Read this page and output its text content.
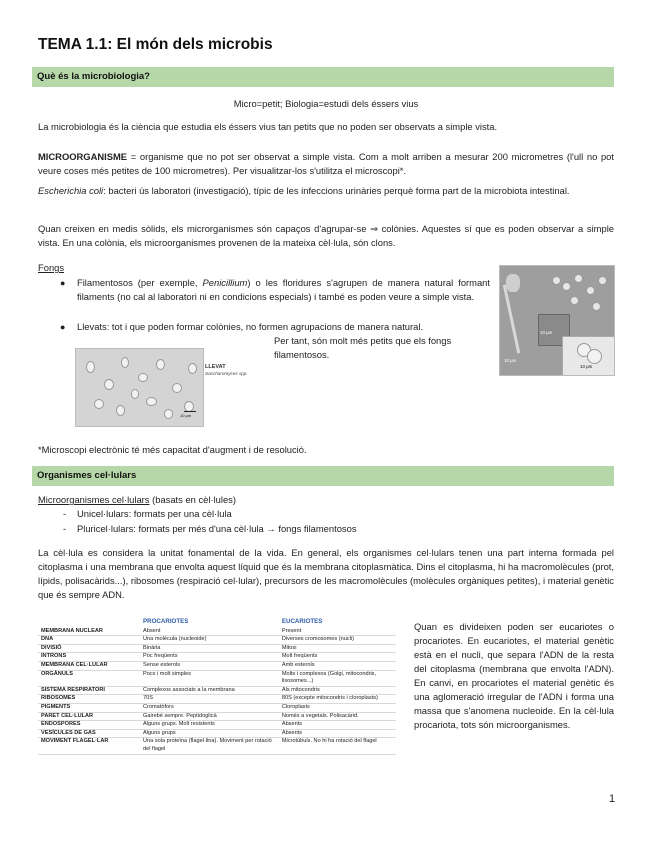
TEMA 1.1: El món dels microbis
Què és la microbiologia?
Micro=petit; Biologia=estudi dels éssers vius
La microbiologia és la ciència que estudia els éssers vius tan petits que no poden ser observats a simple vista.
MICROORGANISME = organisme que no pot ser observat a simple vista. Com a molt arriben a mesurar 200 micrometres (l'ull no pot veure coses més petites de 100 micrometres). Per visualitzar-los s'utilitza el microscopi*.
Escherichia coli: bacteri ús laboratori (investigació), típic de les infeccions urinàries perquè forma part de la microbiota intestinal.
Quan creixen en medis sòlids, els microrganismes són capaços d'agrupar-se ⇒ colònies. Aquestes sí que es poden observar a simple vista. En una colònia, els microorganismes provenen de la mateixa cèl·lula, són clons.
Fongs
● Filamentosos (per exemple, Penicillium) o les floridures s'agrupen de manera natural formant filaments (no cal al laboratori ni en condicions especials) i també es poden veure a simple vista.
● Llevats: tot i que poden formar colònies, no formen agrupacions de manera natural.
Per tant, són molt més petits que els fongs filamentosos.
10 µm
LLEVAT
Saccharomyces spp.
10 µm
10 µm
10 µm
*Microscopi electrònic té més capacitat d'augment i de resolució.
Organismes cel·lulars
Microorganismes cel·lulars (basats en cèl·lules)
- Unicel·lulars: formats per una cèl·lula
- Pluricel·lulars: formats per més d'una cèl·lula → fongs filamentosos
La cèl·lula es considera la unitat fonamental de la vida. En general, els organismes cel·lulars tenen una part interna formada pel citoplasma i una membrana que envolta aquest líquid que és la membrana citoplasmàtica. Dins el citoplasma, hi ha macromolècules (prot, lípids, polisacàrids...), ribosomes (respiració cel·lular), precursors de les macromolècules (molècules orgàniques petites), i material genètic que és sempre ADN.
	PROCARIOTES	EUCARIOTES
MEMBRANA NUCLEAR	Absent	Present
DNA	Una molècula (nucleoide)	Diverses cromosomes (nucli)
DIVISIÓ	Binària	Mitosi
INTRONS	Poc freqüents	Molt freqüents
MEMBRANA CEL·LULAR	Sense esterols	Amb esterols
ORGÀNULS	Pocs i molt simples	Molts i complexos (Golgi, mitocondris, lisosomes...)
SISTEMA RESPIRATORI	Complexos associats a la membrana	Als mitocondris
RIBOSOMES	70S	80S (excepte mitocondris i cloroplasts)
PIGMENTS	Cromatòfors	Cloroplasts
PARET CEL·LULAR	Gairebé sempre. Peptidoglicà	Només a vegetals. Polisacàrid.
ENDOSPORES	Alguns grups. Molt resistents	Absents
VESÍCULES DE GAS	Alguns grups	Absents
MOVIMENT FLAGEL·LAR	Una sola proteïna (flagel·lina). Moviment per rotació del flagel	Microtúbuls. No hi ha rotació del flagel
Quan es divideixen poden ser eucariotes o procariotes. En eucariotes, el material genètic està en el nucli, que separa l'ADN de la resta del citoplasma (membrana que envolta l'ADN). En canvi, en procariotes el material genètic és una aglomeració irregular de l'ADN i forma una massa que s'anomena nucleoide. En la cèl·lula procariota, tots són microorganismes.
1
